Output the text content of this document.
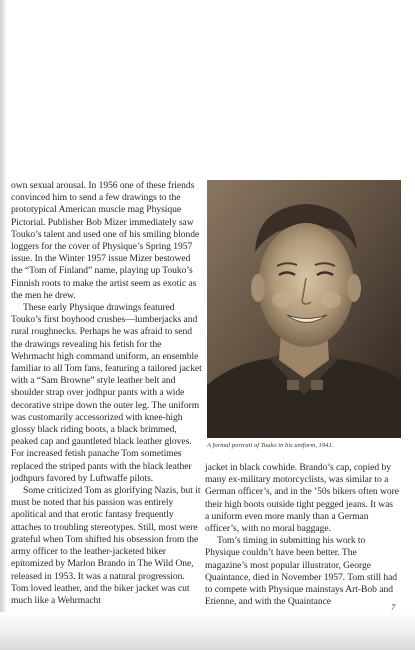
own sexual arousal. In 1956 one of these friends convinced him to send a few drawings to the prototypical American muscle mag Physique Pictorial. Publisher Bob Mizer immediately saw Touko’s talent and used one of his smiling blonde loggers for the cover of Physique’s Spring 1957 issue. In the Winter 1957 issue Mizer bestowed the “Tom of Finland” name, playing up Touko’s Finnish roots to make the artist seem as exotic as the men he drew.

These early Physique drawings featured Touko’s first boyhood crushes—lumberjacks and rural roughnecks. Perhaps he was afraid to send the drawings revealing his fetish for the Wehrmacht high command uniform, an ensemble familiar to all Tom fans, featuring a tailored jacket with a “Sam Browne” style leather belt and shoulder strap over jodhpur pants with a wide decorative stripe down the outer leg. The uniform was customarily accessorized with knee-high glossy black riding boots, a black brimmed, peaked cap and gauntleted black leather gloves. For increased fetish panache Tom sometimes replaced the striped pants with the black leather jodhpurs favored by Luftwaffe pilots.

Some criticized Tom as glorifying Nazis, but it must be noted that his passion was entirely apolitical and that erotic fantasy frequently attaches to troubling stereotypes. Still, most were grateful when Tom shifted his obsession from the army officer to the leather-jacketed biker epitomized by Marlon Brando in The Wild One, released in 1953. It was a natural progression. Tom loved leather, and the biker jacket was cut much like a Wehrmacht

A formal portrait of Touko in his uniform, 1941.

jacket in black cowhide. Brando’s cap, copied by many ex-military motorcyclists, was similar to a German officer’s, and in the ’50s bikers often wore their high boots outside tight pegged jeans. It was a uniform even more manly than a German officer’s, with no moral baggage.

Tom’s timing in submitting his work to Physique couldn’t have been better. The magazine’s most popular illustrator, George Quaintance, died in November 1957. Tom still had to compete with Physique mainstays Art-Bob and Etienne, and with the Quaintance	7
